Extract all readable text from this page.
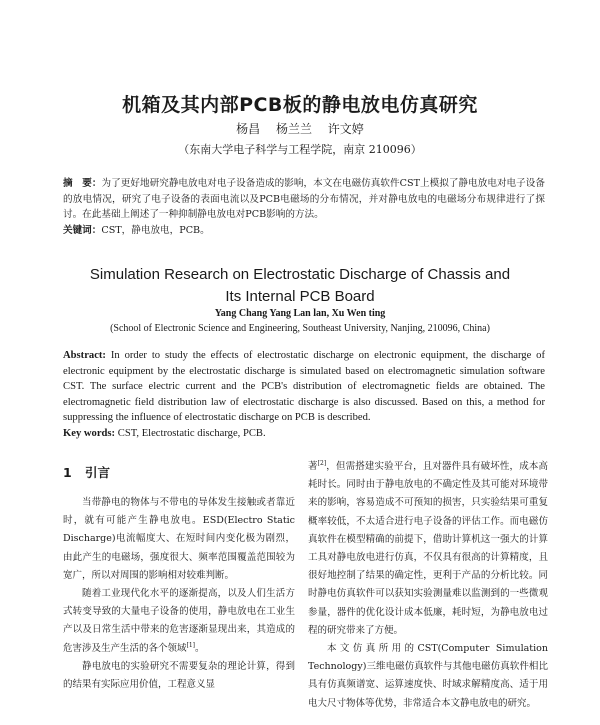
机箱及其内部PCB板的静电放电仿真研究
杨昌 杨兰兰 许文婷
（东南大学电子科学与工程学院，南京 210096）
摘　要：为了更好地研究静电放电对电子设备造成的影响，本文在电磁仿真软件CST上模拟了静电放电对电子设备的放电情况，研究了电子设备的表面电流以及PCB电磁场的分布情况，并对静电放电的电磁场分布规律进行了探讨。在此基础上阐述了一种抑制静电放电对PCB影响的方法。
关键词：CST，静电放电，PCB。
Simulation Research on Electrostatic Discharge of Chassis and
Its Internal PCB Board
Yang Chang Yang Lan lan, Xu Wen ting
(School of Electronic Science and Engineering, Southeast University, Nanjing, 210096, China)
Abstract: In order to study the effects of electrostatic discharge on electronic equipment, the discharge of electronic equipment by the electrostatic discharge is simulated based on electromagnetic simulation software CST. The surface electric current and the PCB's distribution of electromagnetic fields are obtained. The electromagnetic field distribution law of electrostatic discharge is also discussed. Based on this, a method for suppressing the influence of electrostatic discharge on PCB is described.
Key words: CST, Electrostatic discharge, PCB.
1 引言

当带静电的物体与不带电的导体发生接触或者靠近时，就有可能产生静电放电。ESD(Electro Static Discharge)电流幅度大、在短时间内变化极为剧烈，由此产生的电磁场，强度很大、频率范围覆盖范围较为宽广，所以对周围的影响相对较难判断。

随着工业现代化水平的逐渐提高，以及人们生活方式转变导致的大量电子设备的使用，静电放电在工业生产以及日常生活中带来的危害逐渐显现出来，其造成的危害涉及生产生活的各个领域[1]。

静电放电的实验研究不需要复杂的理论计算，得到的结果有实际应用价值，工程意义显

著[2]，但需搭建实验平台，且对器件具有破坏性，成本高耗时长。同时由于静电放电的不确定性及其可能对环境带来的影响，容易造成不可预知的损害，只实验结果可重复概率较低，不太适合进行电子设备的评估工作。而电磁仿真软件在模型精确的前提下，借助计算机这一强大的计算工具对静电放电进行仿真，不仅具有很高的计算精度，且很好地控制了结果的确定性，更利于产品的分析比较。同时静电仿真软件可以获知实验测量难以监测到的一些微观参量，器件的优化设计成本低廉，耗时短，为静电放电过程的研究带来了方便。

本文仿真所用的CST(Computer Simulation Technology)三维电磁仿真软件与其他电磁仿真软件相比具有仿真频谱宽、运算速度快、时域求解精度高、适于用电大尺寸物体等优势，非常适合本文静电放电的研究。
